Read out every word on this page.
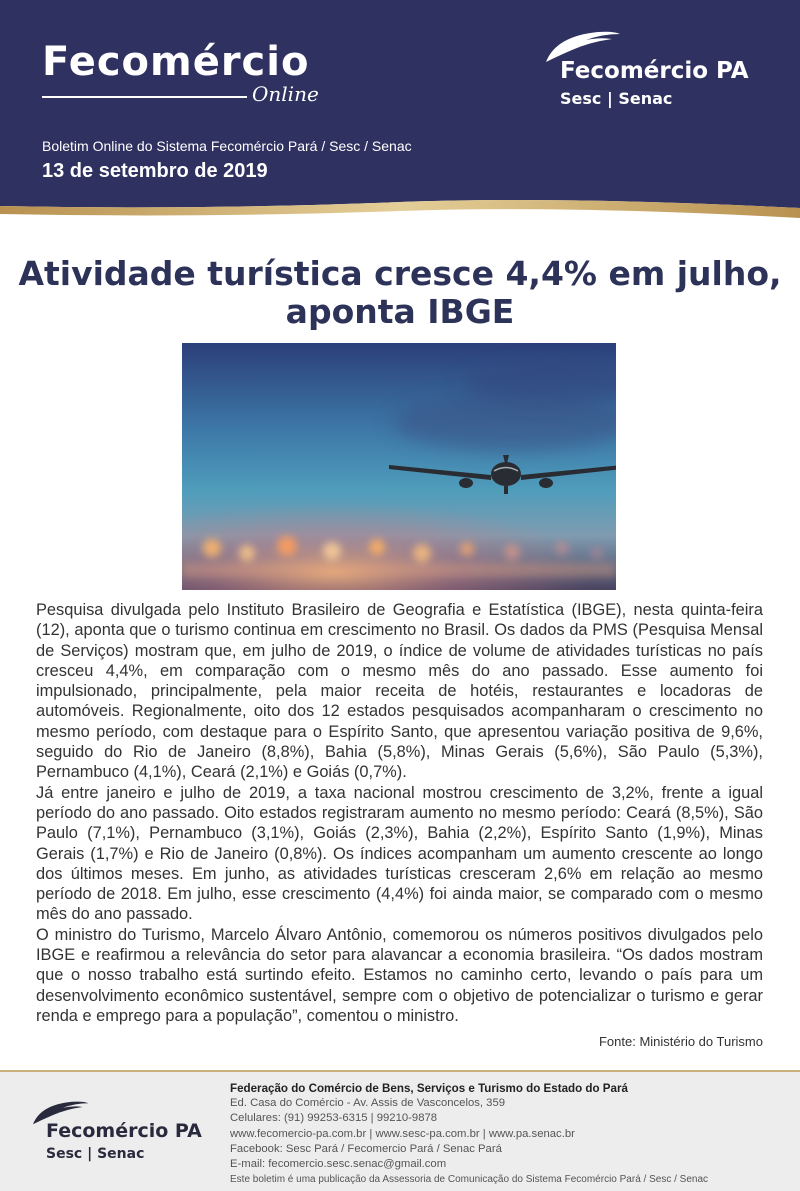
Fecomércio
Online
Fecomércio PA
Sesc | Senac
Boletim Online do Sistema Fecomércio Pará / Sesc / Senac
13 de setembro de 2019
Atividade turística cresce 4,4% em julho,
aponta IBGE

Pesquisa divulgada pelo Instituto Brasileiro de Geografia e Estatística (IBGE), nesta quinta-feira (12), aponta que o turismo continua em crescimento no Brasil. Os dados da PMS (Pesquisa Mensal de Serviços) mostram que, em julho de 2019, o índice de volume de atividades turísticas no país cresceu 4,4%, em comparação com o mesmo mês do ano passado. Esse aumento foi impulsionado, principalmente, pela maior receita de hotéis, restaurantes e locadoras de automóveis. Regionalmente, oito dos 12 estados pesquisados acompanharam o crescimento no mesmo período, com destaque para o Espírito Santo, que apresentou variação positiva de 9,6%, seguido do Rio de Janeiro (8,8%), Bahia (5,8%), Minas Gerais (5,6%), São Paulo (5,3%), Pernambuco (4,1%), Ceará (2,1%) e Goiás (0,7%).

Já entre janeiro e julho de 2019, a taxa nacional mostrou crescimento de 3,2%, frente a igual período do ano passado. Oito estados registraram aumento no mesmo período: Ceará (8,5%), São Paulo (7,1%), Pernambuco (3,1%), Goiás (2,3%), Bahia (2,2%), Espírito Santo (1,9%), Minas Gerais (1,7%) e Rio de Janeiro (0,8%). Os índices acompanham um aumento crescente ao longo dos últimos meses. Em junho, as atividades turísticas cresceram 2,6% em relação ao mesmo período de 2018. Em julho, esse crescimento (4,4%) foi ainda maior, se comparado com o mesmo mês do ano passado.

O ministro do Turismo, Marcelo Álvaro Antônio, comemorou os números positivos divulgados pelo IBGE e reafirmou a relevância do setor para alavancar a economia brasileira. “Os dados mostram que o nosso trabalho está surtindo efeito. Estamos no caminho certo, levando o país para um desenvolvimento econômico sustentável, sempre com o objetivo de potencializar o turismo e gerar renda e emprego para a população”, comentou o ministro.

Fonte: Ministério do Turismo
Fecomércio PA
Sesc | Senac
Federação do Comércio de Bens, Serviços e Turismo do Estado do Pará
Ed. Casa do Comércio - Av. Assis de Vasconcelos, 359
Celulares: (91) 99253-6315 | 99210-9878
www.fecomercio-pa.com.br | www.sesc-pa.com.br | www.pa.senac.br
Facebook: Sesc Pará / Fecomercio Pará / Senac Pará
E-mail: fecomercio.sesc.senac@gmail.com
Este boletim é uma publicação da Assessoria de Comunicação do Sistema Fecomércio Pará / Sesc / Senac
